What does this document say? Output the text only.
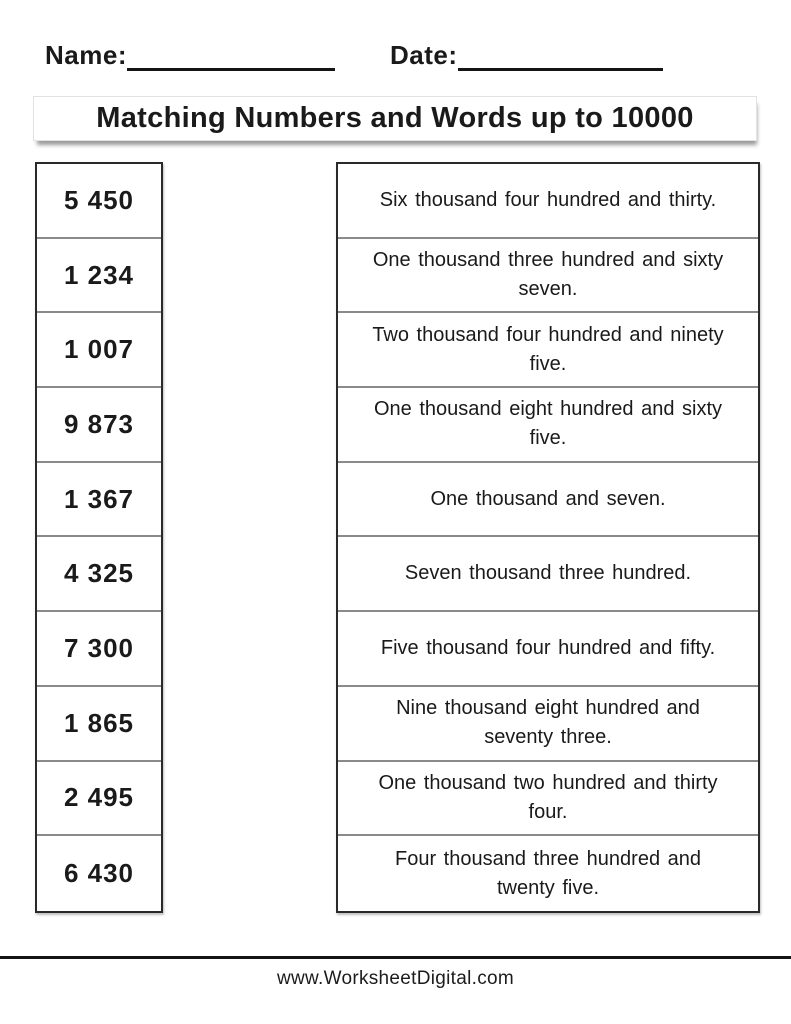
Name:	Date:
Matching Numbers and Words up to 10000
5 450
1 234
1 007
9 873
1 367
4 325
7 300
1 865
2 495
6 430
Six thousand four hundred and thirty.
One thousand three hundred and sixty seven.
Two thousand four hundred and ninety five.
One thousand eight hundred and sixty five.
One thousand and seven.
Seven thousand three hundred.
Five thousand four hundred and fifty.
Nine thousand eight hundred and seventy three.
One thousand two hundred and thirty four.
Four thousand three hundred and twenty five.
www.WorksheetDigital.com
